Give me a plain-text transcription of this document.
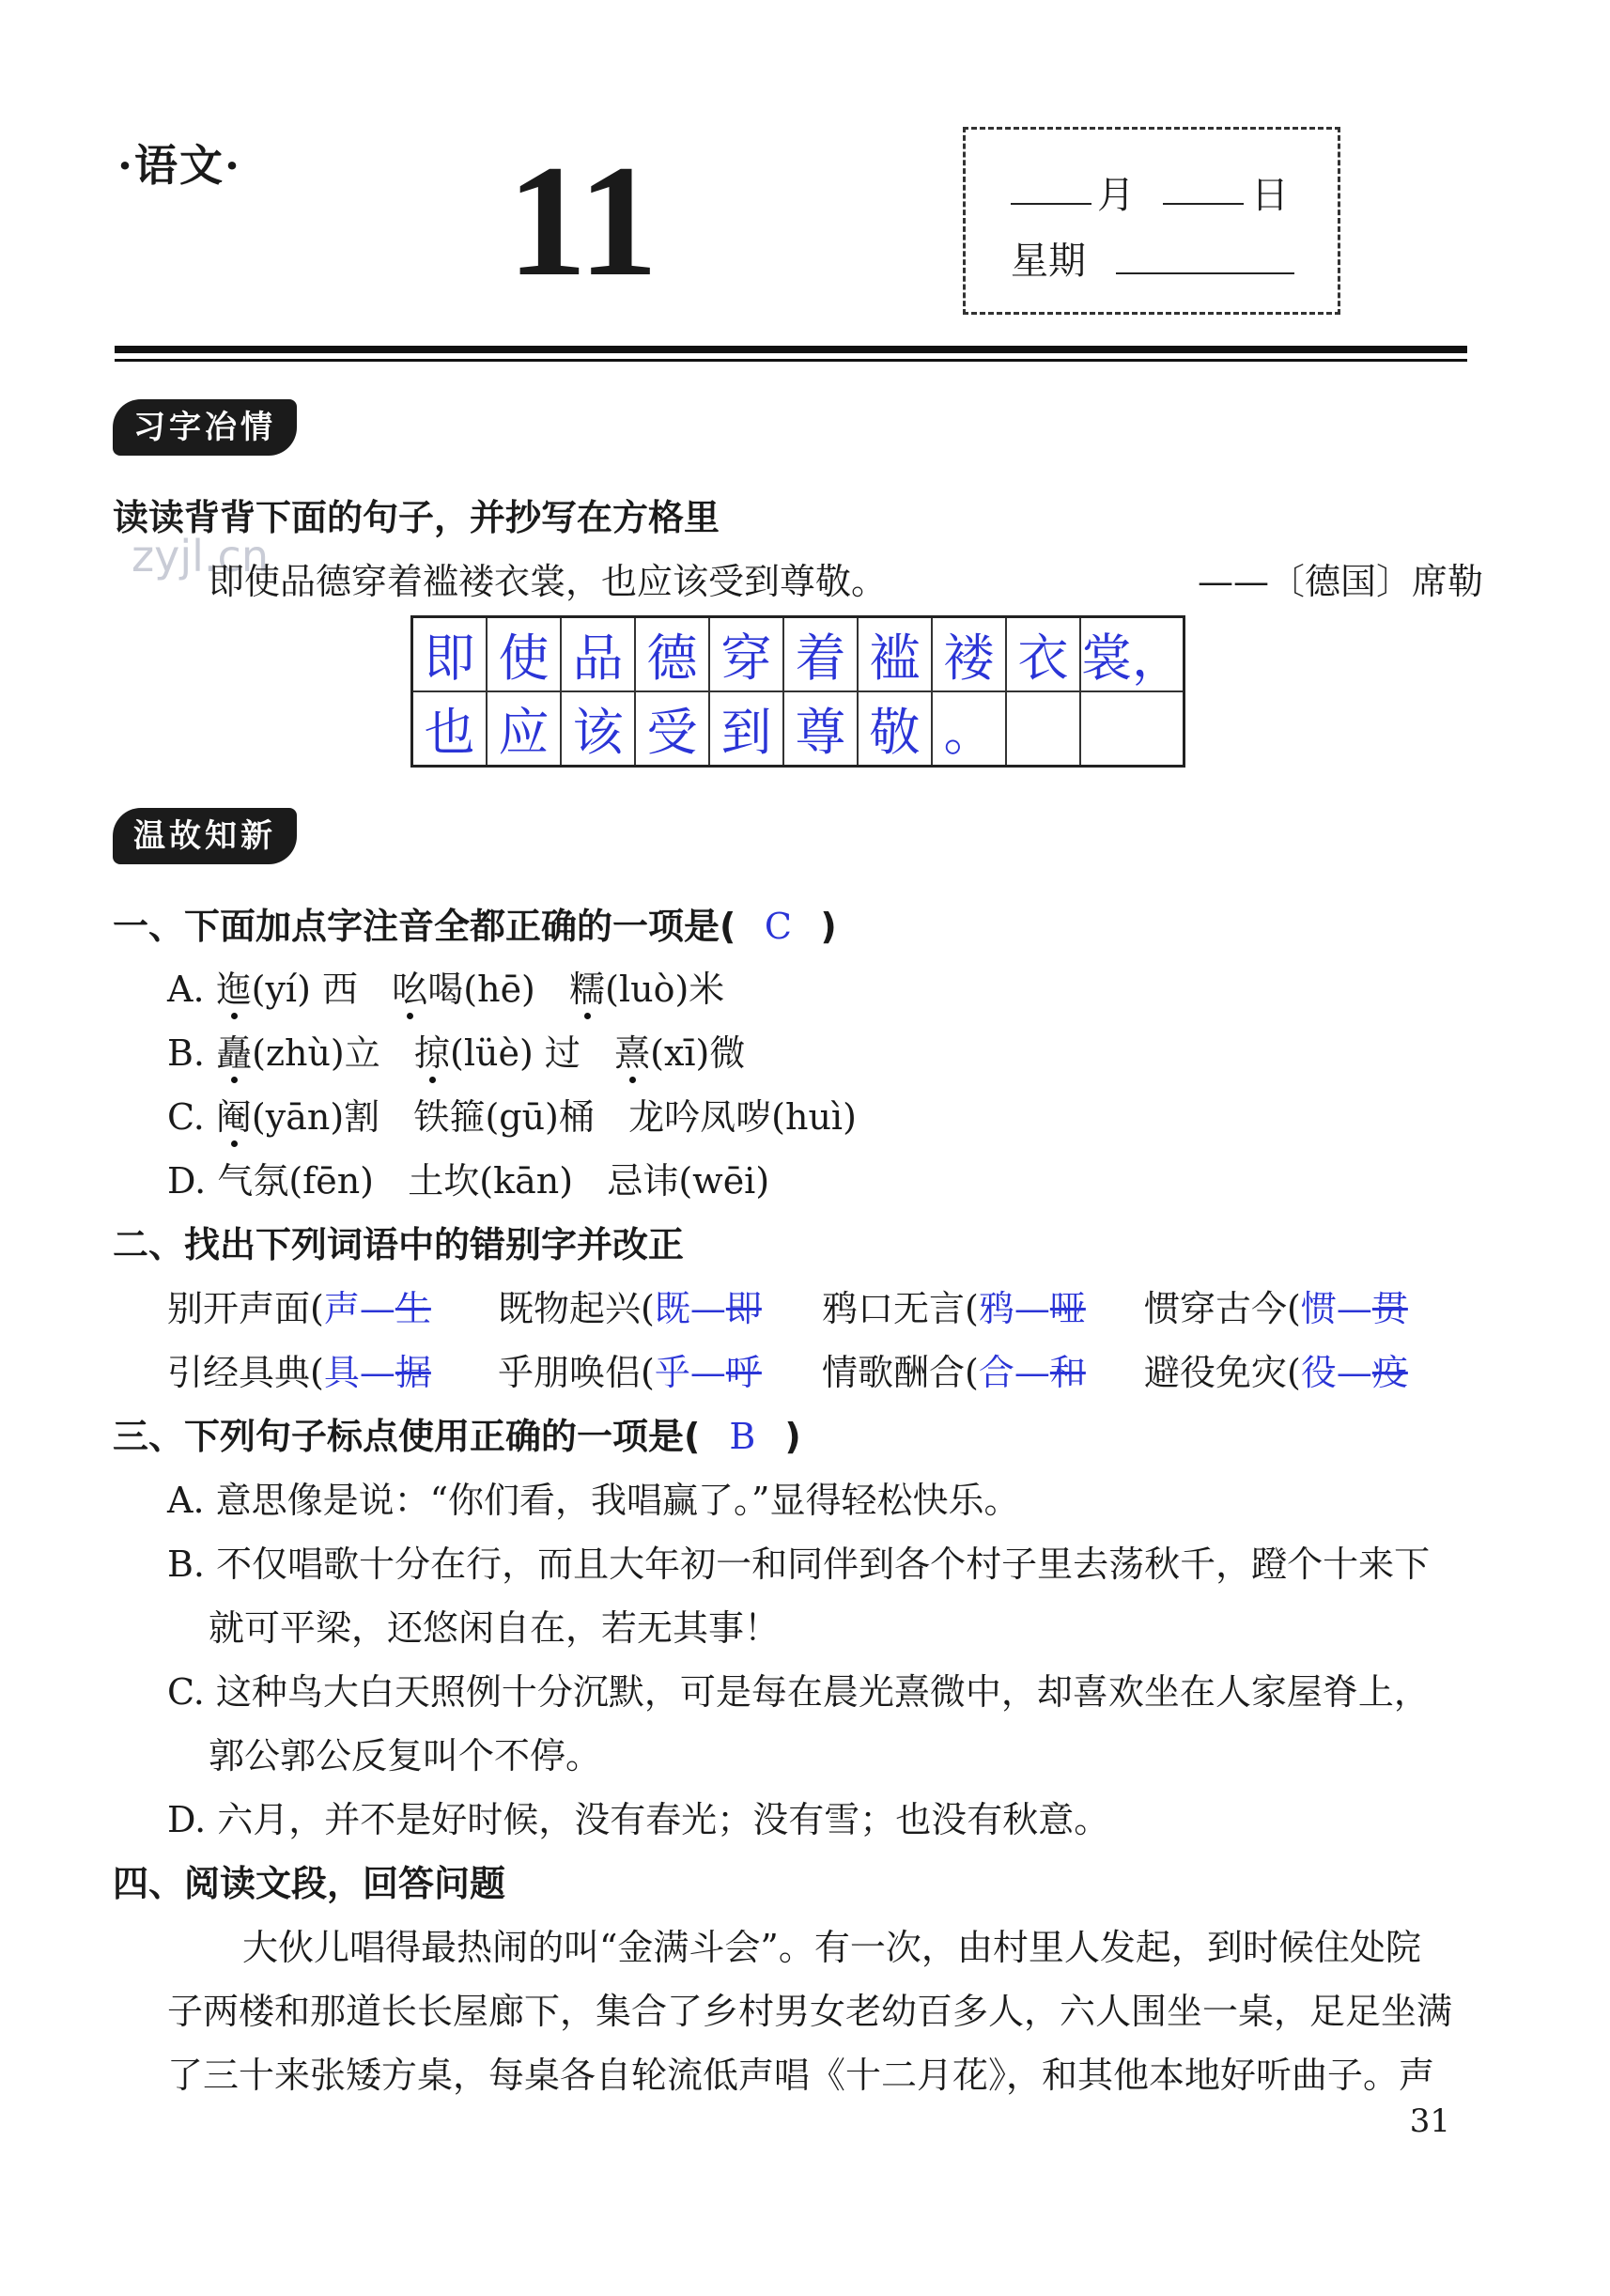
·语文· 11	月	日
星期
习字冶情
读读背背下面的句子，并抄写在方格里
zyjl.cn
即使品德穿着褴褛衣裳，也应该受到尊敬。	——〔德国〕席勒
即	使	品	德	穿	着	褴	褛	衣	裳，
也	应	该	受	到	尊	敬	。		
温故知新
一、下面加点字注音全都正确的一项是( C )
A. 迤(yí) 西 吆喝(hē) 糯(luò)米
B. 矗(zhù)立 掠(lüè) 过 熹(xī)微
C. 阉(yān)割 铁箍(gū)桶 龙吟凤哕(huì)
D. 气氛(fēn) 土坎(kān) 忌讳(wēi)
二、找出下列词语中的错别字并改正
别开声面(声—生 既物起兴(既—即 鸦口无言(鸦—哑 惯穿古今(惯—贯
引经具典(具—据 乎朋唤侣(乎—呼 情歌酬合(合—和 避役免灾(役—疫
三、下列句子标点使用正确的一项是( B )
A. 意思像是说：“你们看，我唱赢了。”显得轻松快乐。
B. 不仅唱歌十分在行，而且大年初一和同伴到各个村子里去荡秋千，蹬个十来下
就可平梁，还悠闲自在，若无其事！
C. 这种鸟大白天照例十分沉默，可是每在晨光熹微中，却喜欢坐在人家屋脊上，
郭公郭公反复叫个不停。
D. 六月，并不是好时候，没有春光；没有雪；也没有秋意。
四、阅读文段，回答问题
大伙儿唱得最热闹的叫“金满斗会”。有一次，由村里人发起，到时候住处院
子两楼和那道长长屋廊下，集合了乡村男女老幼百多人，六人围坐一桌，足足坐满
了三十来张矮方桌，每桌各自轮流低声唱《十二月花》，和其他本地好听曲子。声
31
